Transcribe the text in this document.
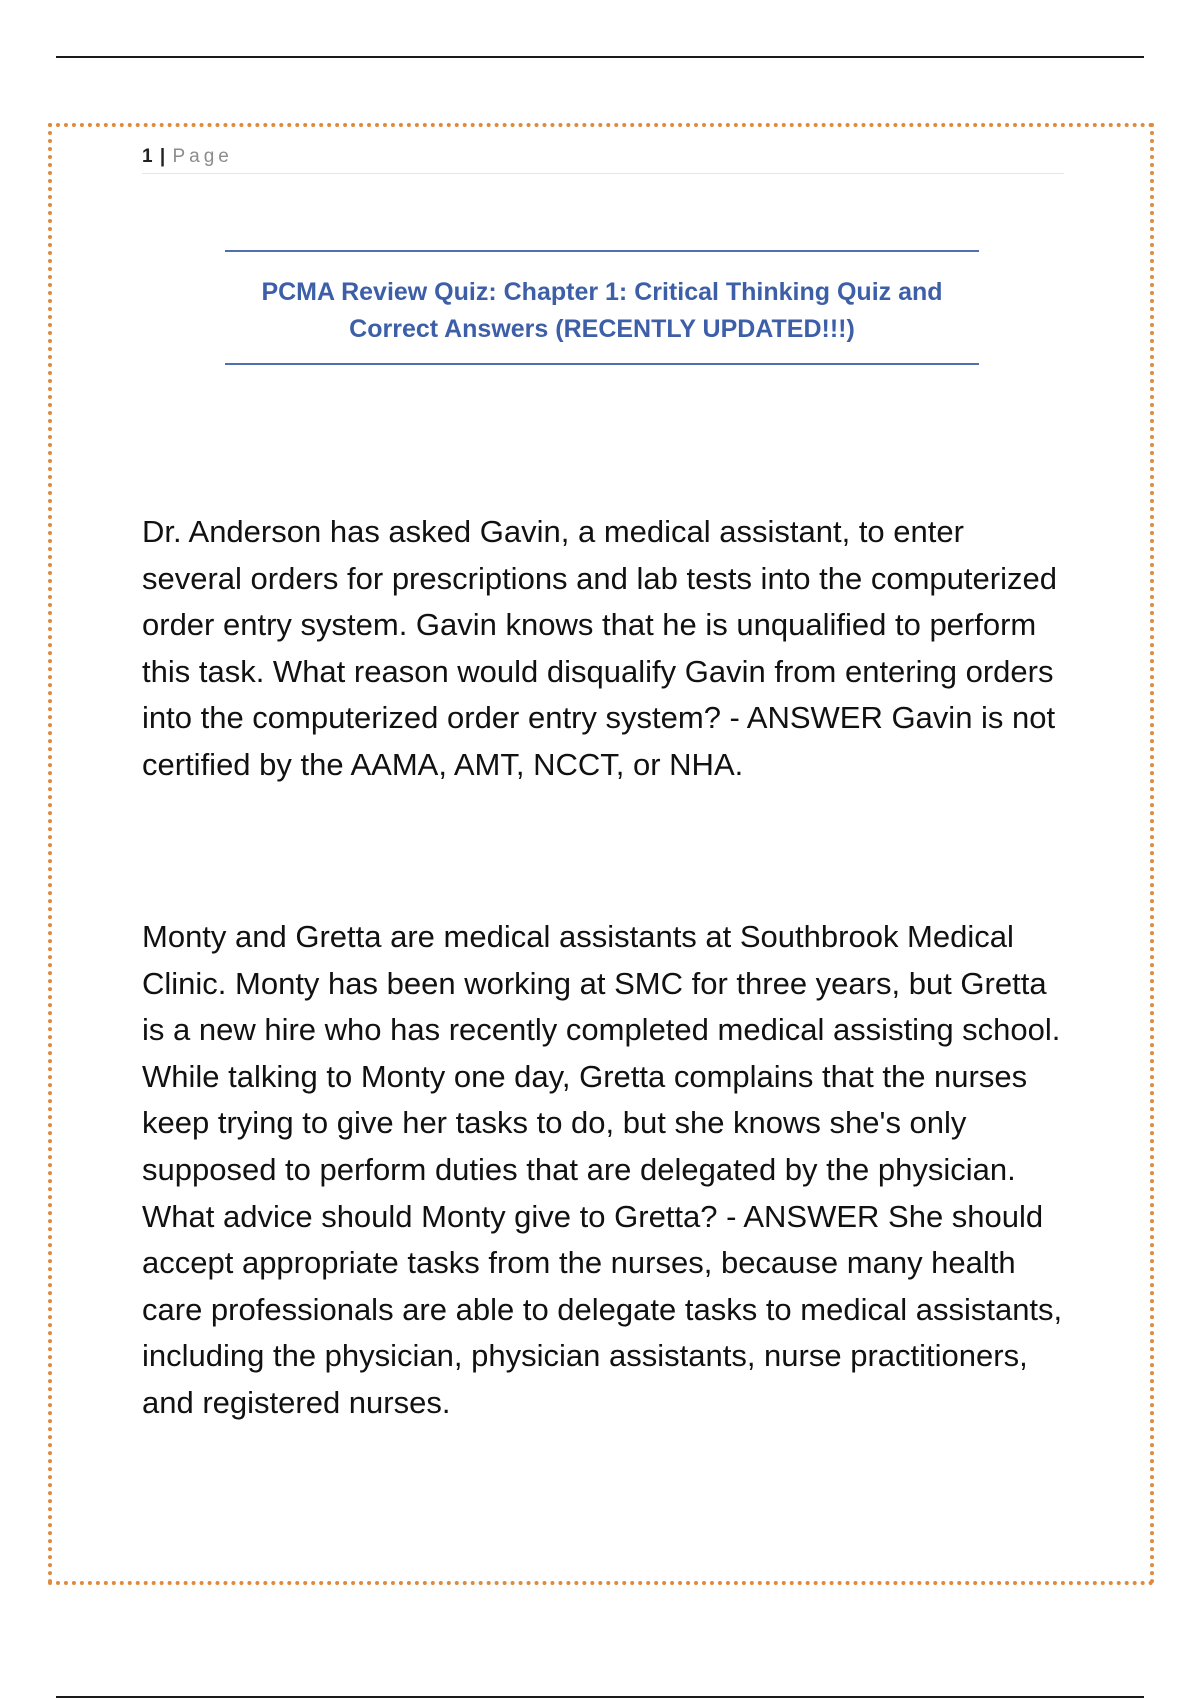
1 | Page
PCMA Review Quiz: Chapter 1: Critical Thinking Quiz and Correct Answers (RECENTLY UPDATED!!!)

Dr. Anderson has asked Gavin, a medical assistant, to enter several orders for prescriptions and lab tests into the computerized order entry system. Gavin knows that he is unqualified to perform this task. What reason would disqualify Gavin from entering orders into the computerized order entry system? - ANSWER Gavin is not certified by the AAMA, AMT, NCCT, or NHA.

Monty and Gretta are medical assistants at Southbrook Medical Clinic. Monty has been working at SMC for three years, but Gretta is a new hire who has recently completed medical assisting school. While talking to Monty one day, Gretta complains that the nurses keep trying to give her tasks to do, but she knows she's only supposed to perform duties that are delegated by the physician. What advice should Monty give to Gretta? - ANSWER She should accept appropriate tasks from the nurses, because many health care professionals are able to delegate tasks to medical assistants, including the physician, physician assistants, nurse practitioners, and registered nurses.
